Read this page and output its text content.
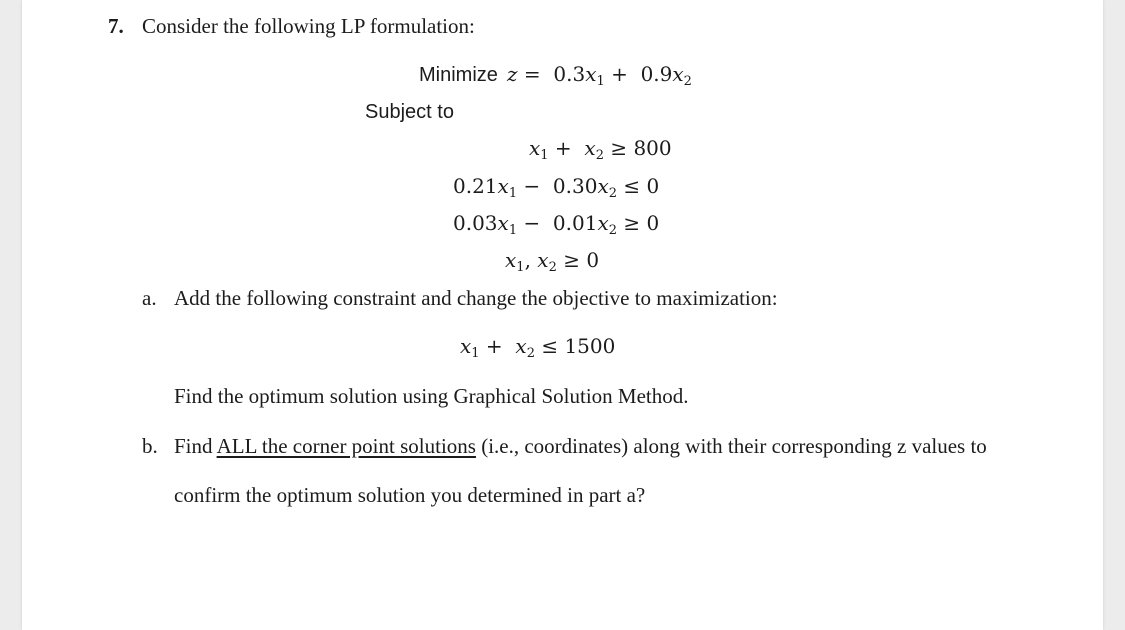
7. Consider the following LP formulation:
Minimize $z = 0.3x_1 + 0.9x_2$
Subject to
$x_1 + x_2 \ge 800$
$0.21x_1 - 0.30x_2 \le 0$
$0.03x_1 - 0.01x_2 \ge 0$
$x_1$, $x_2 \ge 0$
a. Add the following constraint and change the objective to maximization:
$x_1 + x_2 \le 1500$
Find the optimum solution using Graphical Solution Method.
b. Find ALL the corner point solutions (i.e., coordinates) along with their corresponding z values to
confirm the optimum solution you determined in part a?
